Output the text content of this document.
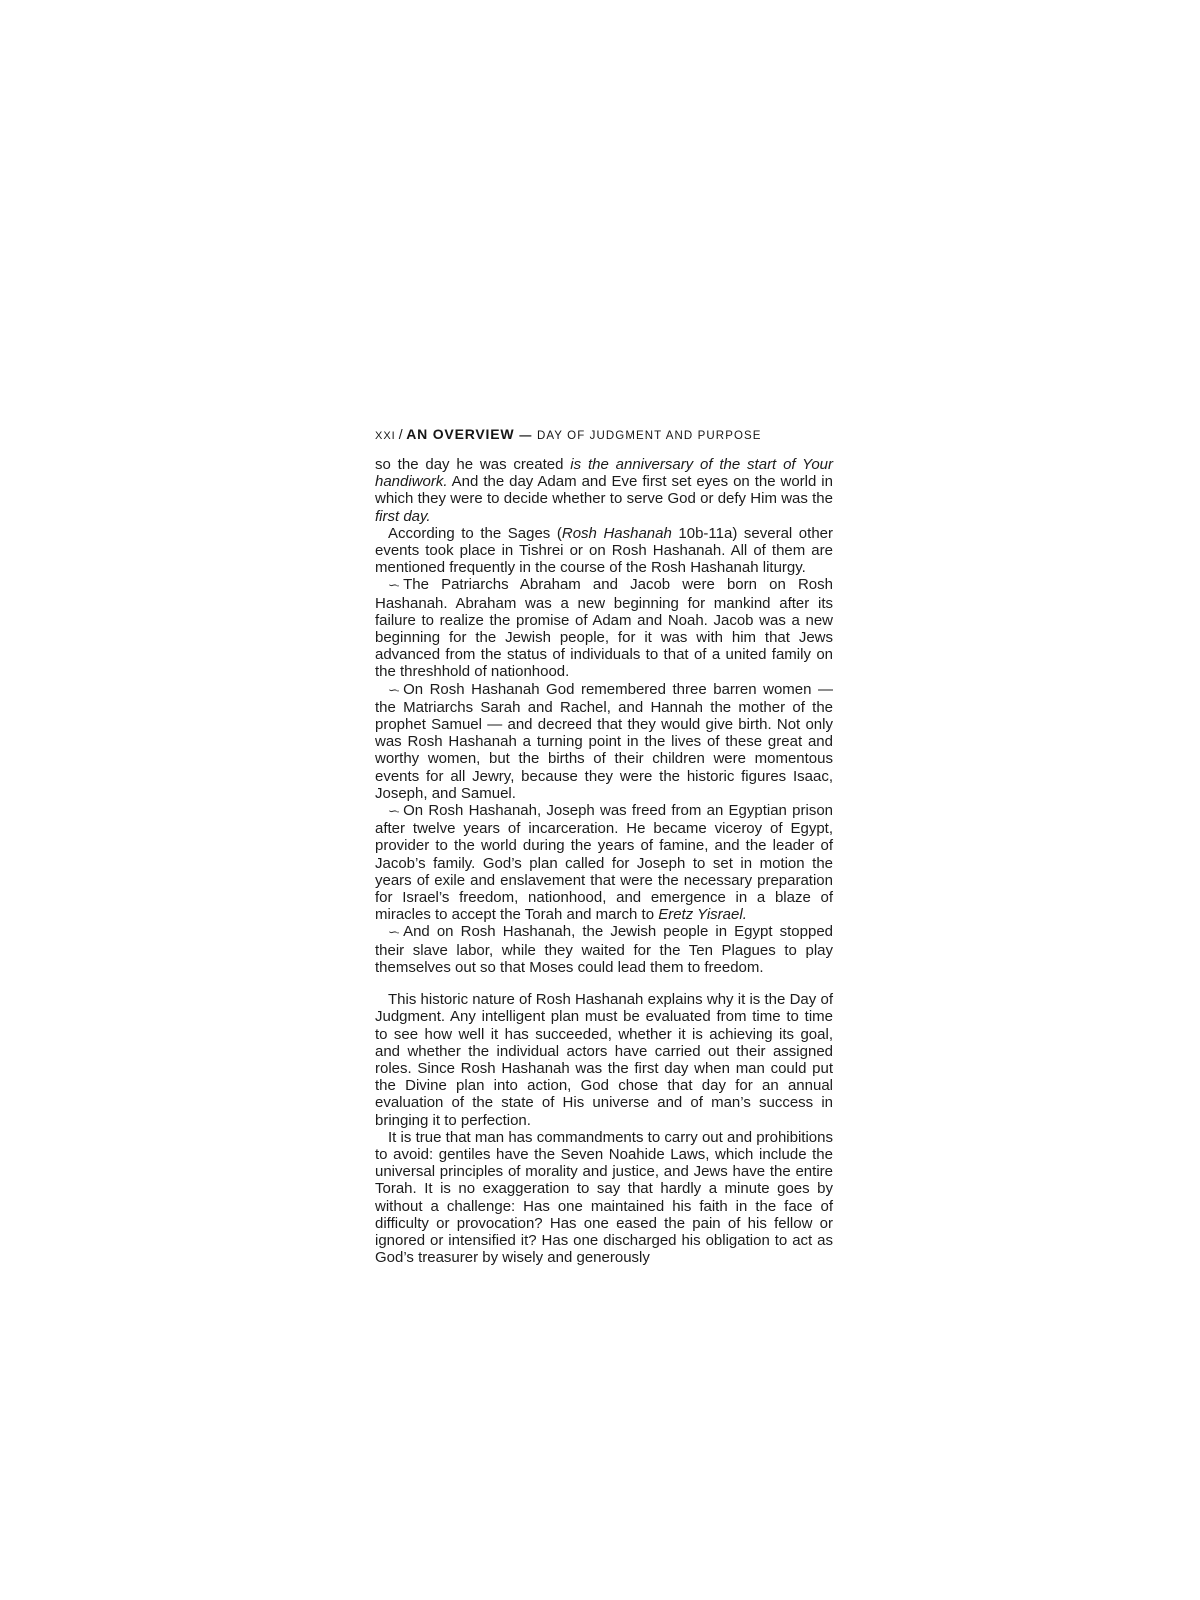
XXI / AN OVERVIEW — DAY OF JUDGMENT AND PURPOSE

so the day he was created is the anniversary of the start of Your handiwork. And the day Adam and Eve first set eyes on the world in which they were to decide whether to serve God or defy Him was the first day.

According to the Sages (Rosh Hashanah 10b-11a) several other events took place in Tishrei or on Rosh Hashanah. All of them are mentioned frequently in the course of the Rosh Hashanah liturgy.

∽· The Patriarchs Abraham and Jacob were born on Rosh Hashanah. Abraham was a new beginning for mankind after its failure to realize the promise of Adam and Noah. Jacob was a new beginning for the Jewish people, for it was with him that Jews advanced from the status of individuals to that of a united family on the threshhold of nationhood.

∽· On Rosh Hashanah God remembered three barren women — the Matriarchs Sarah and Rachel, and Hannah the mother of the prophet Samuel — and decreed that they would give birth. Not only was Rosh Hashanah a turning point in the lives of these great and worthy women, but the births of their children were momentous events for all Jewry, because they were the historic figures Isaac, Joseph, and Samuel.

∽· On Rosh Hashanah, Joseph was freed from an Egyptian prison after twelve years of incarceration. He became viceroy of Egypt, provider to the world during the years of famine, and the leader of Jacob’s family. God’s plan called for Joseph to set in motion the years of exile and enslavement that were the necessary preparation for Israel’s freedom, nationhood, and emergence in a blaze of miracles to accept the Torah and march to Eretz Yisrael.

∽· And on Rosh Hashanah, the Jewish people in Egypt stopped their slave labor, while they waited for the Ten Plagues to play themselves out so that Moses could lead them to freedom.

This historic nature of Rosh Hashanah explains why it is the Day of Judgment. Any intelligent plan must be evaluated from time to time to see how well it has succeeded, whether it is achieving its goal, and whether the individual actors have carried out their assigned roles. Since Rosh Hashanah was the first day when man could put the Divine plan into action, God chose that day for an annual evaluation of the state of His universe and of man’s success in bringing it to perfection.

It is true that man has commandments to carry out and prohibitions to avoid: gentiles have the Seven Noahide Laws, which include the universal principles of morality and justice, and Jews have the entire Torah. It is no exaggeration to say that hardly a minute goes by without a challenge: Has one maintained his faith in the face of difficulty or provocation? Has one eased the pain of his fellow or ignored or intensified it? Has one discharged his obligation to act as God’s treasurer by wisely and generously
